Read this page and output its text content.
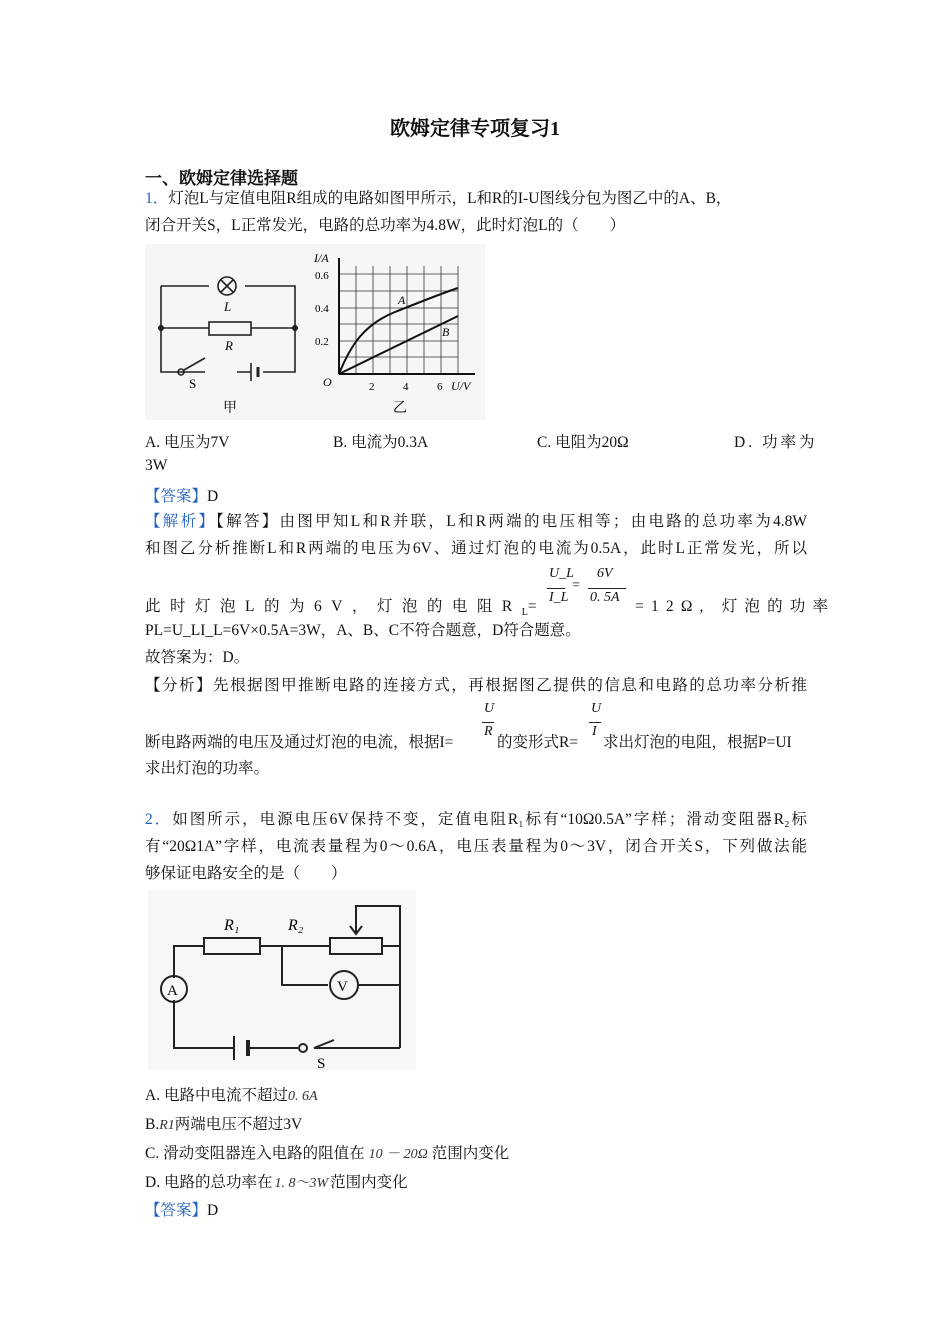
欧姆定律专项复习1
一、欧姆定律选择题
1．灯泡L与定值电阻R组成的电路如图甲所示，L和R的I-U图线分包为图乙中的A、B，
闭合开关S，L正常发光，电路的总功率为4.8W，此时灯泡L的（　　）
L
R
S
甲
I/A
0.6
0.4
0.2
O	2	4	6 U/V
A
B
乙
A. 电压为7V	B. 电流为0.3A	C. 电阻为20Ω	D. 功率为
3W
【答案】D
【解析】【解答】由图甲知L和R并联，L和R两端的电压相等；由电路的总功率为4.8W
和图乙分析推断L和R两端的电压为6V、通过灯泡的电流为0.5A，此时L正常发光，所以
此时灯泡L的为6V，灯泡的电阻$R_L=$
U_L
I_L
=
6V
0. 5A
=12Ω, 灯泡的功率
PL=U_LI_L=6V×0.5A=3W，A、B、C不符合题意，D符合题意。
故答案为：D。
【分析】先根据图甲推断电路的连接方式，再根据图乙提供的信息和电路的总功率分析推
断电路两端的电压及通过灯泡的电流，根据I=
U
R
的变形式R=
U
I
求出灯泡的电阻，根据P=UI
求出灯泡的功率。
2．如图所示，电源电压6V保持不变，定值电阻R₁标有“10Ω0.5A”字样；滑动变阻器R₂标
有“20Ω1A”字样，电流表量程为0～0.6A，电压表量程为0～3V，闭合开关S，下列做法能
够保证电路安全的是（　　）
R₁	R₂
A	V
S
A. 电路中电流不超过0. 6A
B.R1两端电压不超过3V
C. 滑动变阻器连入电路的阻值在 10 － 20Ω 范围内变化
D. 电路的总功率在 1. 8～3W 范围内变化
【答案】D
